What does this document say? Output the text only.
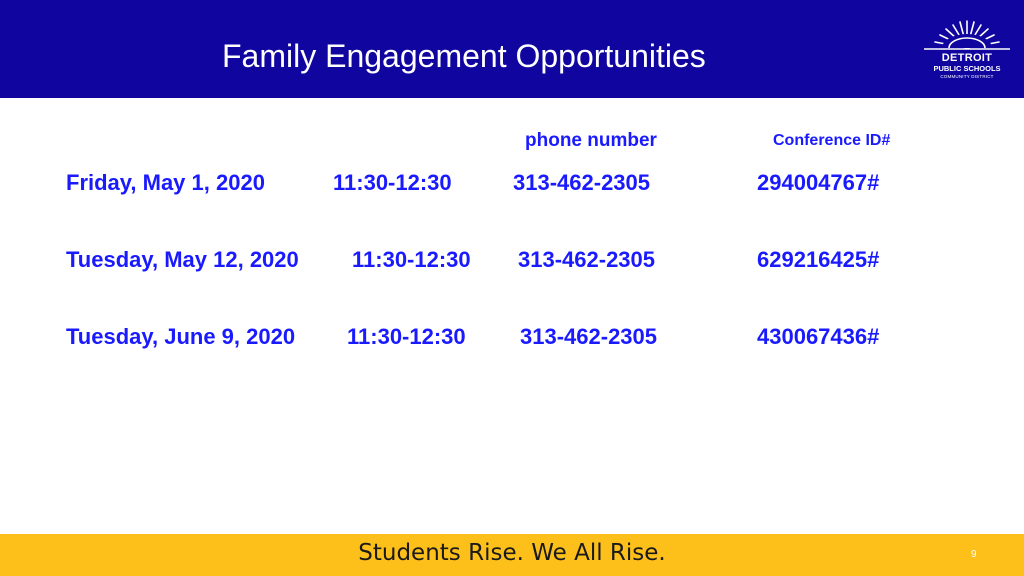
Family Engagement Opportunities	DETROIT
PUBLIC SCHOOLS
COMMUNITY DISTRICT
phone number	Conference ID#
Friday, May 1, 2020	11:30-12:30	313-462-2305	294004767#
Tuesday, May 12, 2020 11:30-12:30 313-462-2305	629216425#
Tuesday, June 9, 2020 11:30-12:30 313-462-2305	430067436#
Students Rise. We All Rise.	9
